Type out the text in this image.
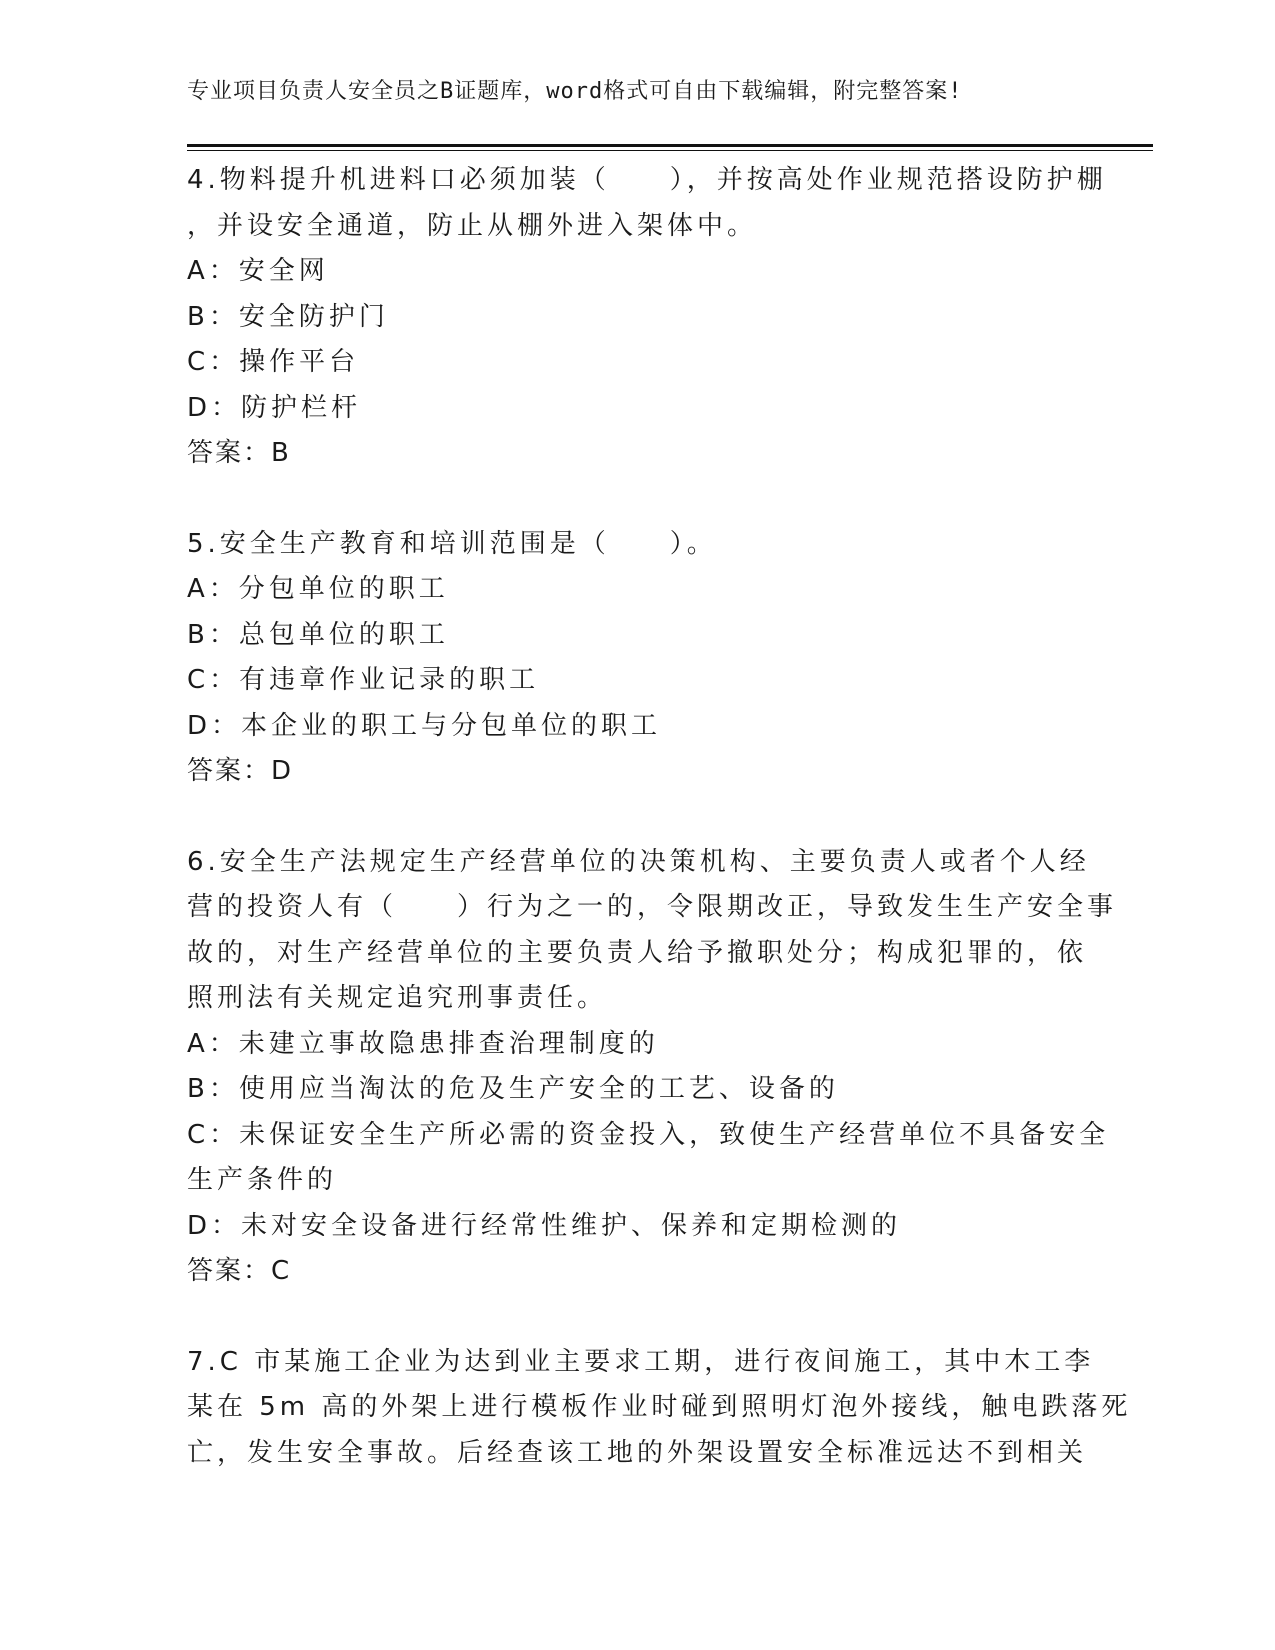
专业项目负责人安全员之B证题库，word格式可自由下载编辑，附完整答案!
4.物料提升机进料口必须加装（　　），并按高处作业规范搭设防护棚
，并设安全通道，防止从棚外进入架体中。
A：安全网
B：安全防护门
C：操作平台
D：防护栏杆
答案：B
5.安全生产教育和培训范围是（　　）。
A：分包单位的职工
B：总包单位的职工
C：有违章作业记录的职工
D：本企业的职工与分包单位的职工
答案：D
6.安全生产法规定生产经营单位的决策机构、主要负责人或者个人经
营的投资人有（　　）行为之一的，令限期改正，导致发生生产安全事
故的，对生产经营单位的主要负责人给予撤职处分；构成犯罪的，依
照刑法有关规定追究刑事责任。
A：未建立事故隐患排查治理制度的
B：使用应当淘汰的危及生产安全的工艺、设备的
C：未保证安全生产所必需的资金投入，致使生产经营单位不具备安全
生产条件的
D：未对安全设备进行经常性维护、保养和定期检测的
答案：C
7.C 市某施工企业为达到业主要求工期，进行夜间施工，其中木工李
某在 5m 高的外架上进行模板作业时碰到照明灯泡外接线，触电跌落死
亡，发生安全事故。后经查该工地的外架设置安全标准远达不到相关
